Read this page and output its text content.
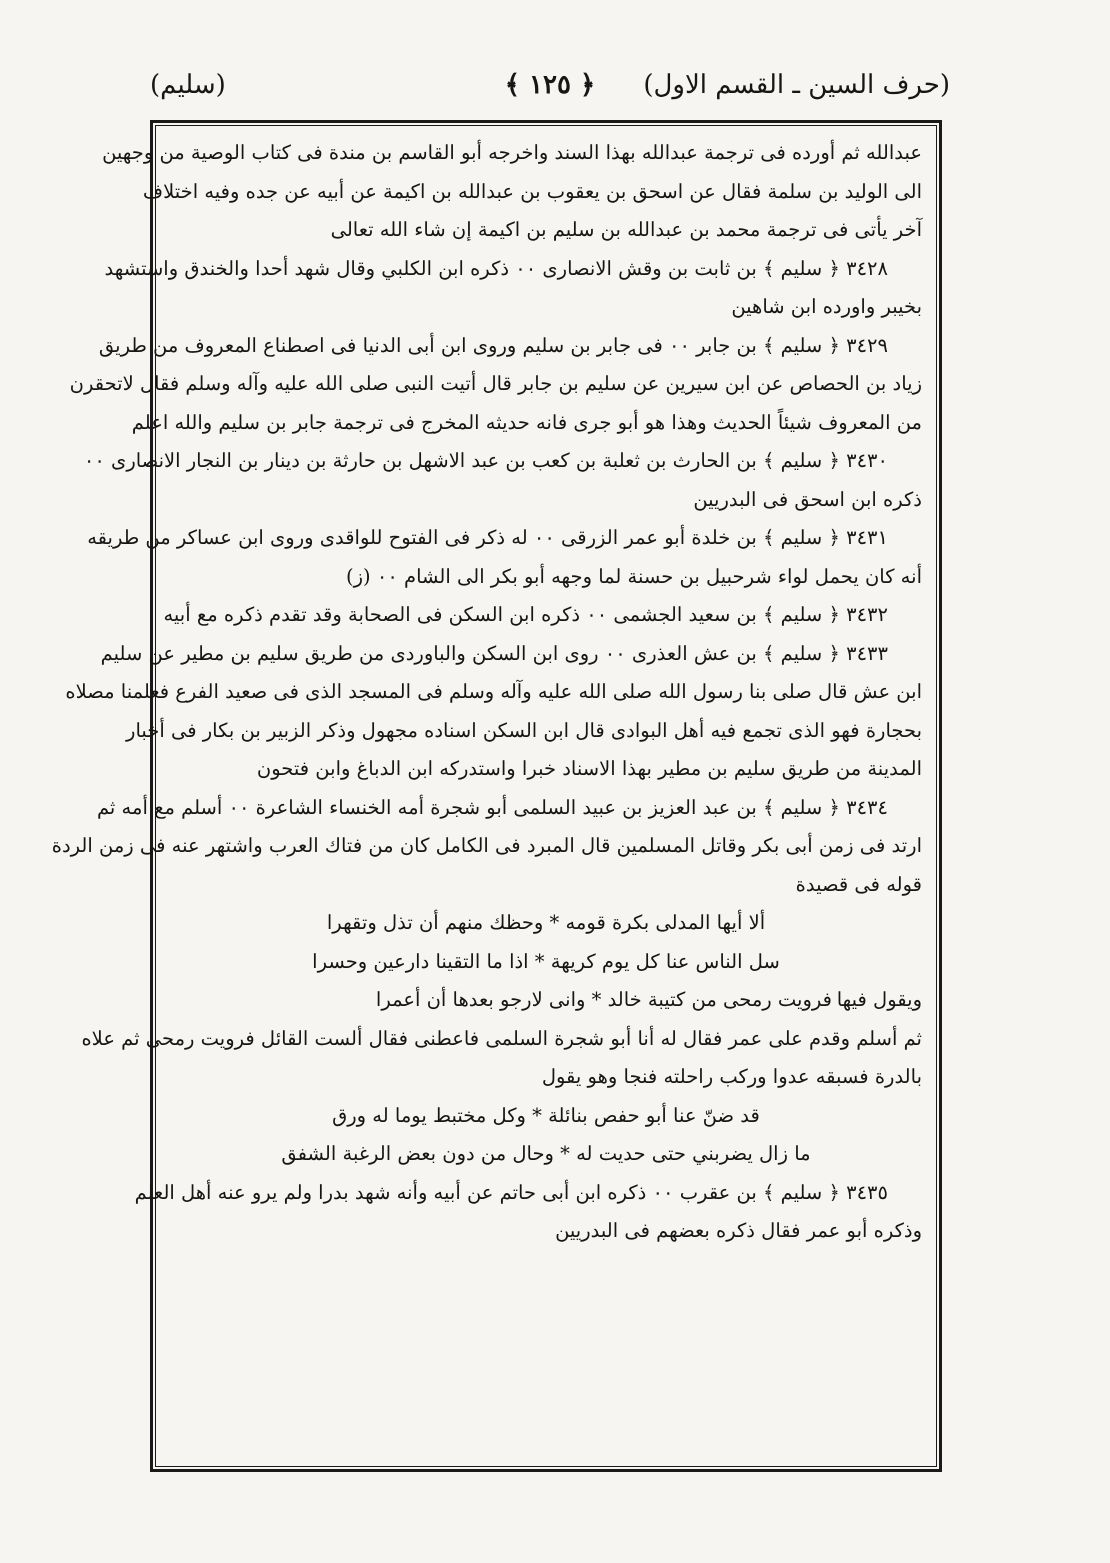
(حرف السين ـ القسم الاول)
﴿ ١٢٥ ﴾
(سليم)
عبدالله ثم أورده فى ترجمة عبدالله بهذا السند واخرجه أبو القاسم بن مندة فى كتاب الوصية من وجهين
الى الوليد بن سلمة فقال عن اسحق بن يعقوب بن عبدالله بن اكيمة عن أبيه عن جده وفيه اختلاف
آخر يأتى فى ترجمة محمد بن عبدالله بن سليم بن اكيمة إن شاء الله تعالى
٣٤٢٨ ﴿ سليم ﴾ بن ثابت بن وقش الانصارى ٠٠ ذكره ابن الكلبي وقال شهد أحدا والخندق واستشهد
بخيبر واورده ابن شاهين
٣٤٢٩ ﴿ سليم ﴾ بن جابر ٠٠ فى جابر بن سليم وروى ابن أبى الدنيا فى اصطناع المعروف من طريق
زياد بن الحصاص عن ابن سيرين عن سليم بن جابر قال أتيت النبى صلى الله عليه وآله وسلم فقال لاتحقرن
من المعروف شيئاً الحديث وهذا هو أبو جرى فانه حديثه المخرج فى ترجمة جابر بن سليم والله اعلم
٣٤٣٠ ﴿ سليم ﴾ بن الحارث بن ثعلبة بن كعب بن عبد الاشهل بن حارثة بن دينار بن النجار الانصارى ٠٠
ذكره ابن اسحق فى البدريين
٣٤٣١ ﴿ سليم ﴾ بن خلدة أبو عمر الزرقى ٠٠ له ذكر فى الفتوح للواقدى وروى ابن عساكر من طريقه
أنه كان يحمل لواء شرحبيل بن حسنة لما وجهه أبو بكر الى الشام ٠٠ (ز)
٣٤٣٢ ﴿ سليم ﴾ بن سعيد الجشمى ٠٠ ذكره ابن السكن فى الصحابة وقد تقدم ذكره مع أبيه
٣٤٣٣ ﴿ سليم ﴾ بن عش العذرى ٠٠ روى ابن السكن والباوردى من طريق سليم بن مطير عن سليم
ابن عش قال صلى بنا رسول الله صلى الله عليه وآله وسلم فى المسجد الذى فى صعيد الفرع فعلمنا مصلاه
بحجارة فهو الذى تجمع فيه أهل البوادى قال ابن السكن اسناده مجهول وذكر الزبير بن بكار فى أخبار
المدينة من طريق سليم بن مطير بهذا الاسناد خبرا واستدركه ابن الدباغ وابن فتحون
٣٤٣٤ ﴿ سليم ﴾ بن عبد العزيز بن عبيد السلمى أبو شجرة أمه الخنساء الشاعرة ٠٠ أسلم مع أمه ثم
ارتد فى زمن أبى بكر وقاتل المسلمين قال المبرد فى الكامل كان من فتاك العرب واشتهر عنه فى زمن الردة
قوله فى قصيدة
ألا أيها المدلى بكرة قومه * وحظك منهم أن تذل وتقهرا
سل الناس عنا كل يوم كريهة * اذا ما التقينا دارعين وحسرا
ويقول فيها
فرويت رمحى من كتيبة خالد * وانى لارجو بعدها أن أعمرا
ثم أسلم وقدم على عمر فقال له أنا أبو شجرة السلمى فاعطنى فقال ألست القائل فرويت رمحى ثم علاه
بالدرة فسبقه عدوا وركب راحلته فنجا وهو يقول
قد ضنّ عنا أبو حفص بنائلة * وكل مختبط يوما له ورق
ما زال يضربني حتى حديت له * وحال من دون بعض الرغبة الشفق
٣٤٣٥ ﴿ سليم ﴾ بن عقرب ٠٠ ذكره ابن أبى حاتم عن أبيه وأنه شهد بدرا ولم يرو عنه أهل العلم
وذكره أبو عمر فقال ذكره بعضهم فى البدريين
